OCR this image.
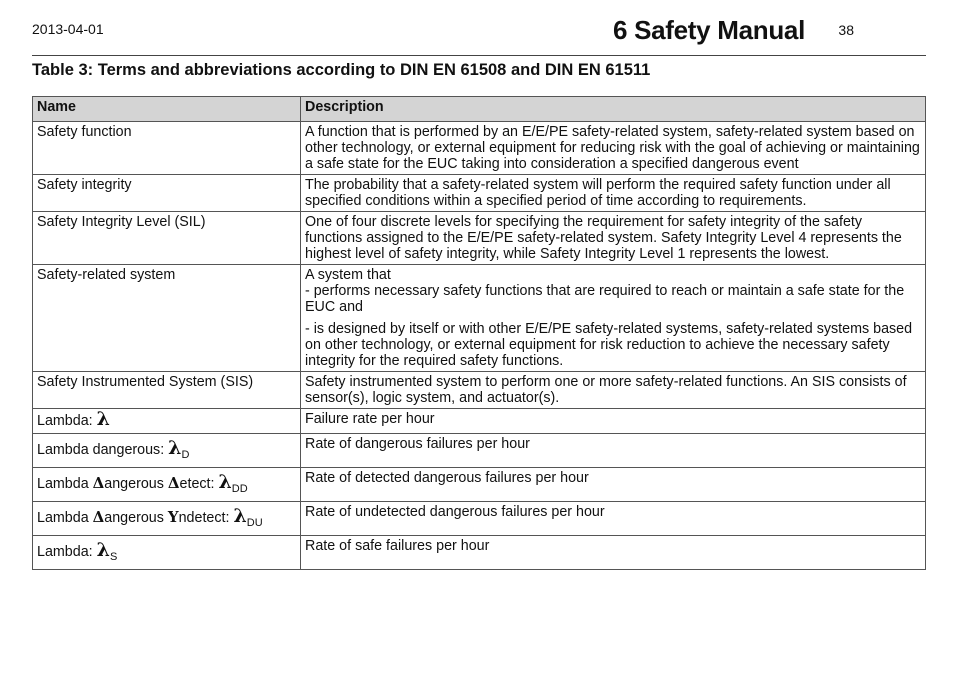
2013-04-01	6 Safety Manual 38
Table 3: Terms and abbreviations according to DIN EN 61508 and DIN EN 61511
Name	Description
Safety function	A function that is performed by an E/E/PE safety-related system, safety-related system based on other technology, or external equipment for reducing risk with the goal of achieving or maintaining a safe state for the EUC taking into consideration a specified dangerous event

Safety integrity	The probability that a safety-related system will perform the required safety function under all specified conditions within a specified period of time according to requirements.

Safety Integrity Level (SIL)	One of four discrete levels for specifying the requirement for safety integrity of the safety functions assigned to the E/E/PE safety-related system. Safety Integrity Level 4 represents the highest level of safety integrity, while Safety Integrity Level 1 represents the lowest.

Safety-related system	A system that
- performs necessary safety functions that are required to reach or maintain a safe state for the EUC and
- is designed by itself or with other E/E/PE safety-related systems, safety-related systems based on other technology, or external equipment for risk reduction to achieve the necessary safety integrity for the required safety functions.

Safety Instrumented System (SIS)	Safety instrumented system to perform one or more safety-related functions. An SIS consists of sensor(s), logic system, and actuator(s).

Lambda: λ	Failure rate per hour
Lambda dangerous: $\lambda_D$	Rate of dangerous failures per hour
Lambda Δangerous Δetect: $\lambda_{DD}$	Rate of detected dangerous failures per hour
Lambda Δangerous Υndetect: $\lambda_{DU}$	Rate of undetected dangerous failures per hour
Lambda: $\lambda_S$	Rate of safe failures per hour
